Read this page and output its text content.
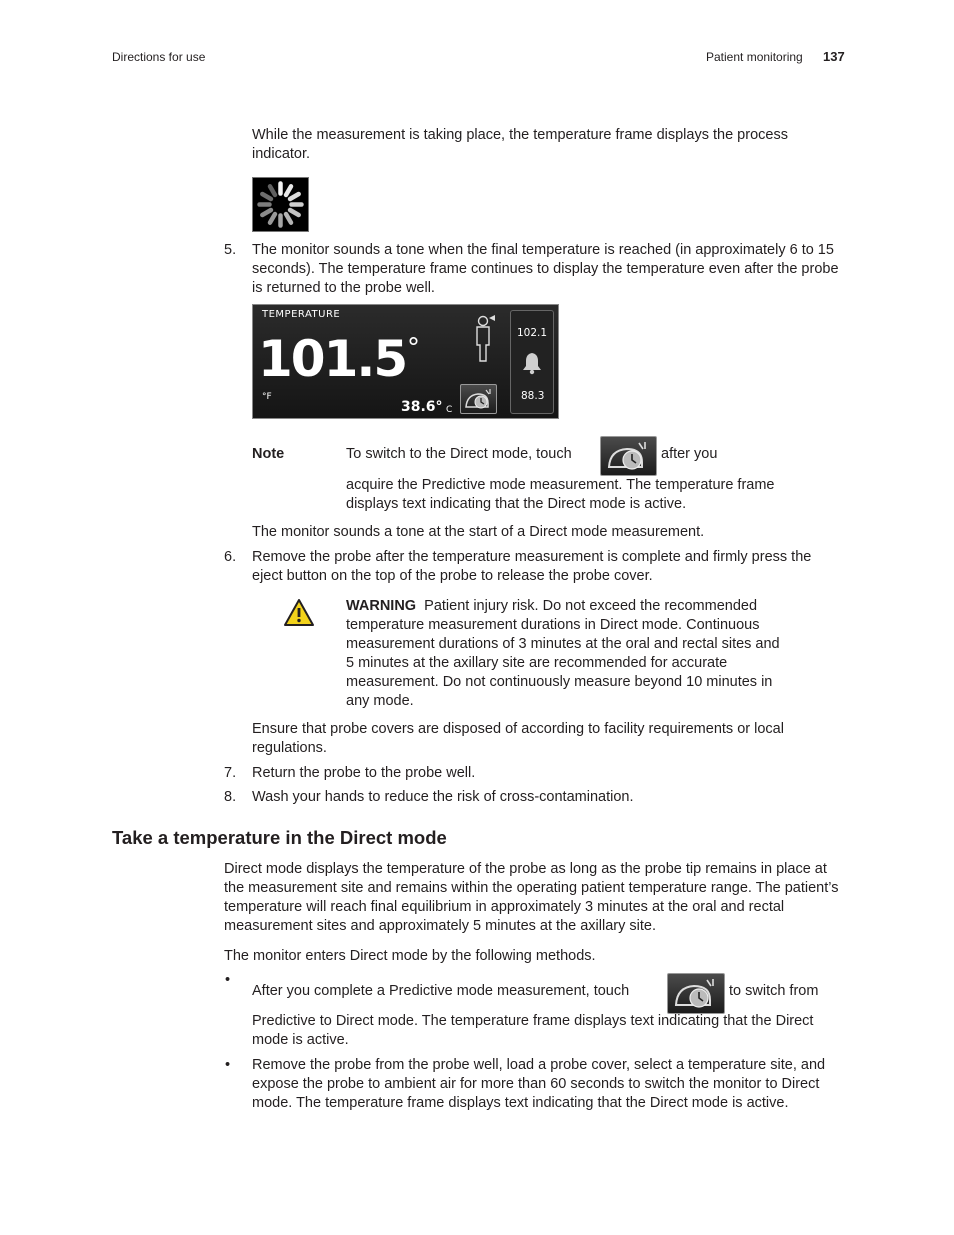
Directions for use	Patient monitoring 137
While the measurement is taking place, the temperature frame displays the process indicator.
5. The monitor sounds a tone when the final temperature is reached (in approximately 6 to 15 seconds). The temperature frame continues to display the temperature even after the probe is returned to the probe well.
TEMPERATURE
101.5 °
°F
38.6° C
102.1
88.3
Note	To switch to the Direct mode, touch	after you
acquire the Predictive mode measurement. The temperature frame displays text indicating that the Direct mode is active.
The monitor sounds a tone at the start of a Direct mode measurement.
6. Remove the probe after the temperature measurement is complete and firmly press the eject button on the top of the probe to release the probe cover.
WARNING Patient injury risk. Do not exceed the recommended temperature measurement durations in Direct mode. Continuous measurement durations of 3 minutes at the oral and rectal sites and 5 minutes at the axillary site are recommended for accurate measurement. Do not continuously measure beyond 10 minutes in any mode.
Ensure that probe covers are disposed of according to facility requirements or local regulations.
7. Return the probe to the probe well.
8. Wash your hands to reduce the risk of cross-contamination.
Take a temperature in the Direct mode
Direct mode displays the temperature of the probe as long as the probe tip remains in place at the measurement site and remains within the operating patient temperature range. The patient’s temperature will reach final equilibrium in approximately 3 minutes at the oral and rectal measurement sites and approximately 5 minutes at the axillary site.
The monitor enters Direct mode by the following methods.
•
After you complete a Predictive mode measurement, touch	to switch from
Predictive to Direct mode. The temperature frame displays text indicating that the Direct mode is active.
• Remove the probe from the probe well, load a probe cover, select a temperature site, and expose the probe to ambient air for more than 60 seconds to switch the monitor to Direct mode. The temperature frame displays text indicating that the Direct mode is active.
